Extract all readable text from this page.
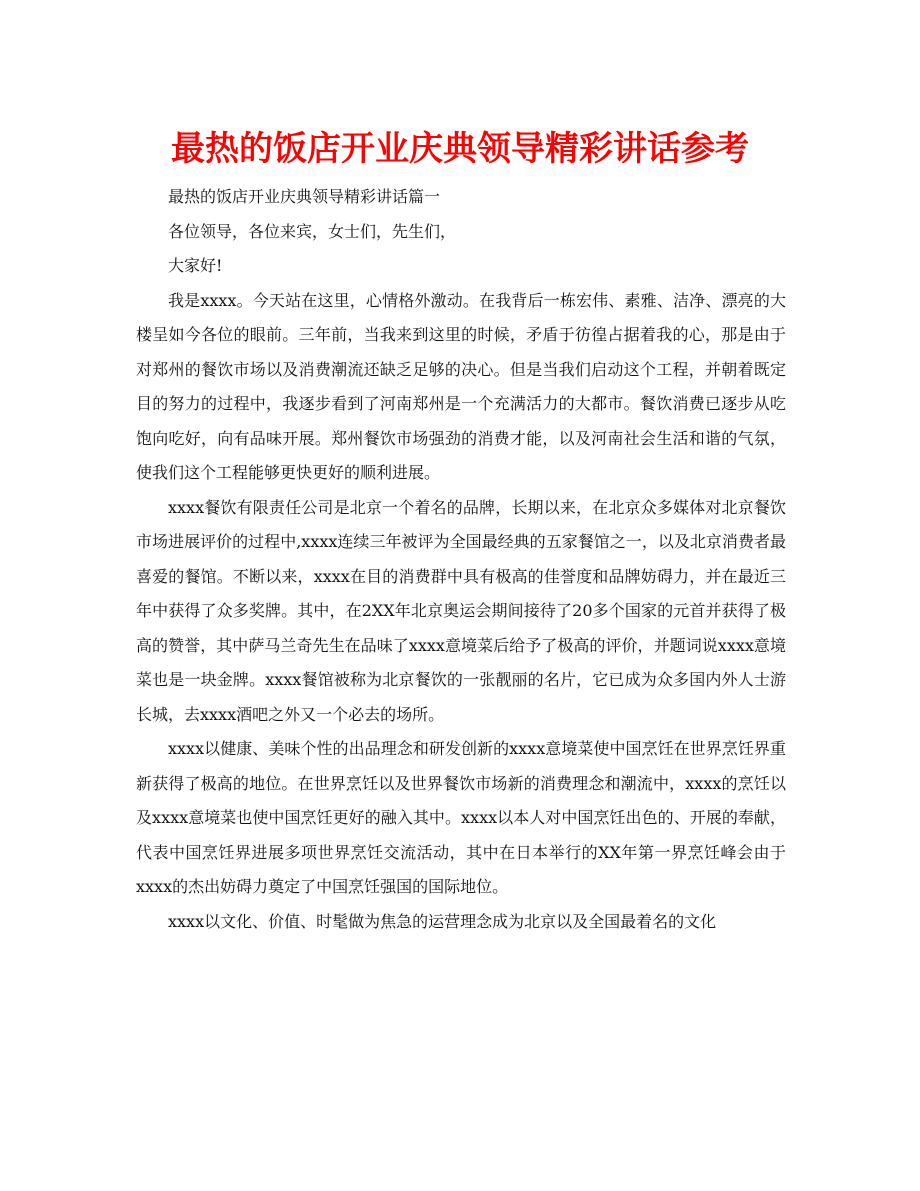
最热的饭店开业庆典领导精彩讲话参考

最热的饭店开业庆典领导精彩讲话篇一

各位领导，各位来宾，女士们，先生们，

大家好!

我是xxxx。今天站在这里，心情格外激动。在我背后一栋宏伟、素雅、洁净、漂亮的大楼呈如今各位的眼前。三年前，当我来到这里的时候，矛盾于彷徨占据着我的心，那是由于对郑州的餐饮市场以及消费潮流还缺乏足够的决心。但是当我们启动这个工程，并朝着既定目的努力的过程中，我逐步看到了河南郑州是一个充满活力的大都市。餐饮消费已逐步从吃饱向吃好，向有品味开展。郑州餐饮市场强劲的消费才能，以及河南社会生活和谐的气氛，使我们这个工程能够更快更好的顺利进展。

xxxx餐饮有限责任公司是北京一个着名的品牌，长期以来，在北京众多媒体对北京餐饮市场进展评价的过程中,xxxx连续三年被评为全国最经典的五家餐馆之一，以及北京消费者最喜爱的餐馆。不断以来，xxxx在目的消费群中具有极高的佳誉度和品牌妨碍力，并在最近三年中获得了众多奖牌。其中，在2XX年北京奥运会期间接待了20多个国家的元首并获得了极高的赞誉，其中萨马兰奇先生在品味了xxxx意境菜后给予了极高的评价，并题词说xxxx意境菜也是一块金牌。xxxx餐馆被称为北京餐饮的一张靓丽的名片，它已成为众多国内外人士游长城，去xxxx酒吧之外又一个必去的场所。

xxxx以健康、美味个性的出品理念和研发创新的xxxx意境菜使中国烹饪在世界烹饪界重新获得了极高的地位。在世界烹饪以及世界餐饮市场新的消费理念和潮流中，xxxx的烹饪以及xxxx意境菜也使中国烹饪更好的融入其中。xxxx以本人对中国烹饪出色的、开展的奉献，代表中国烹饪界进展多项世界烹饪交流活动，其中在日本举行的XX年第一界烹饪峰会由于xxxx的杰出妨碍力奠定了中国烹饪强国的国际地位。

xxxx以文化、价值、时髦做为焦急的运营理念成为北京以及全国最着名的文化
